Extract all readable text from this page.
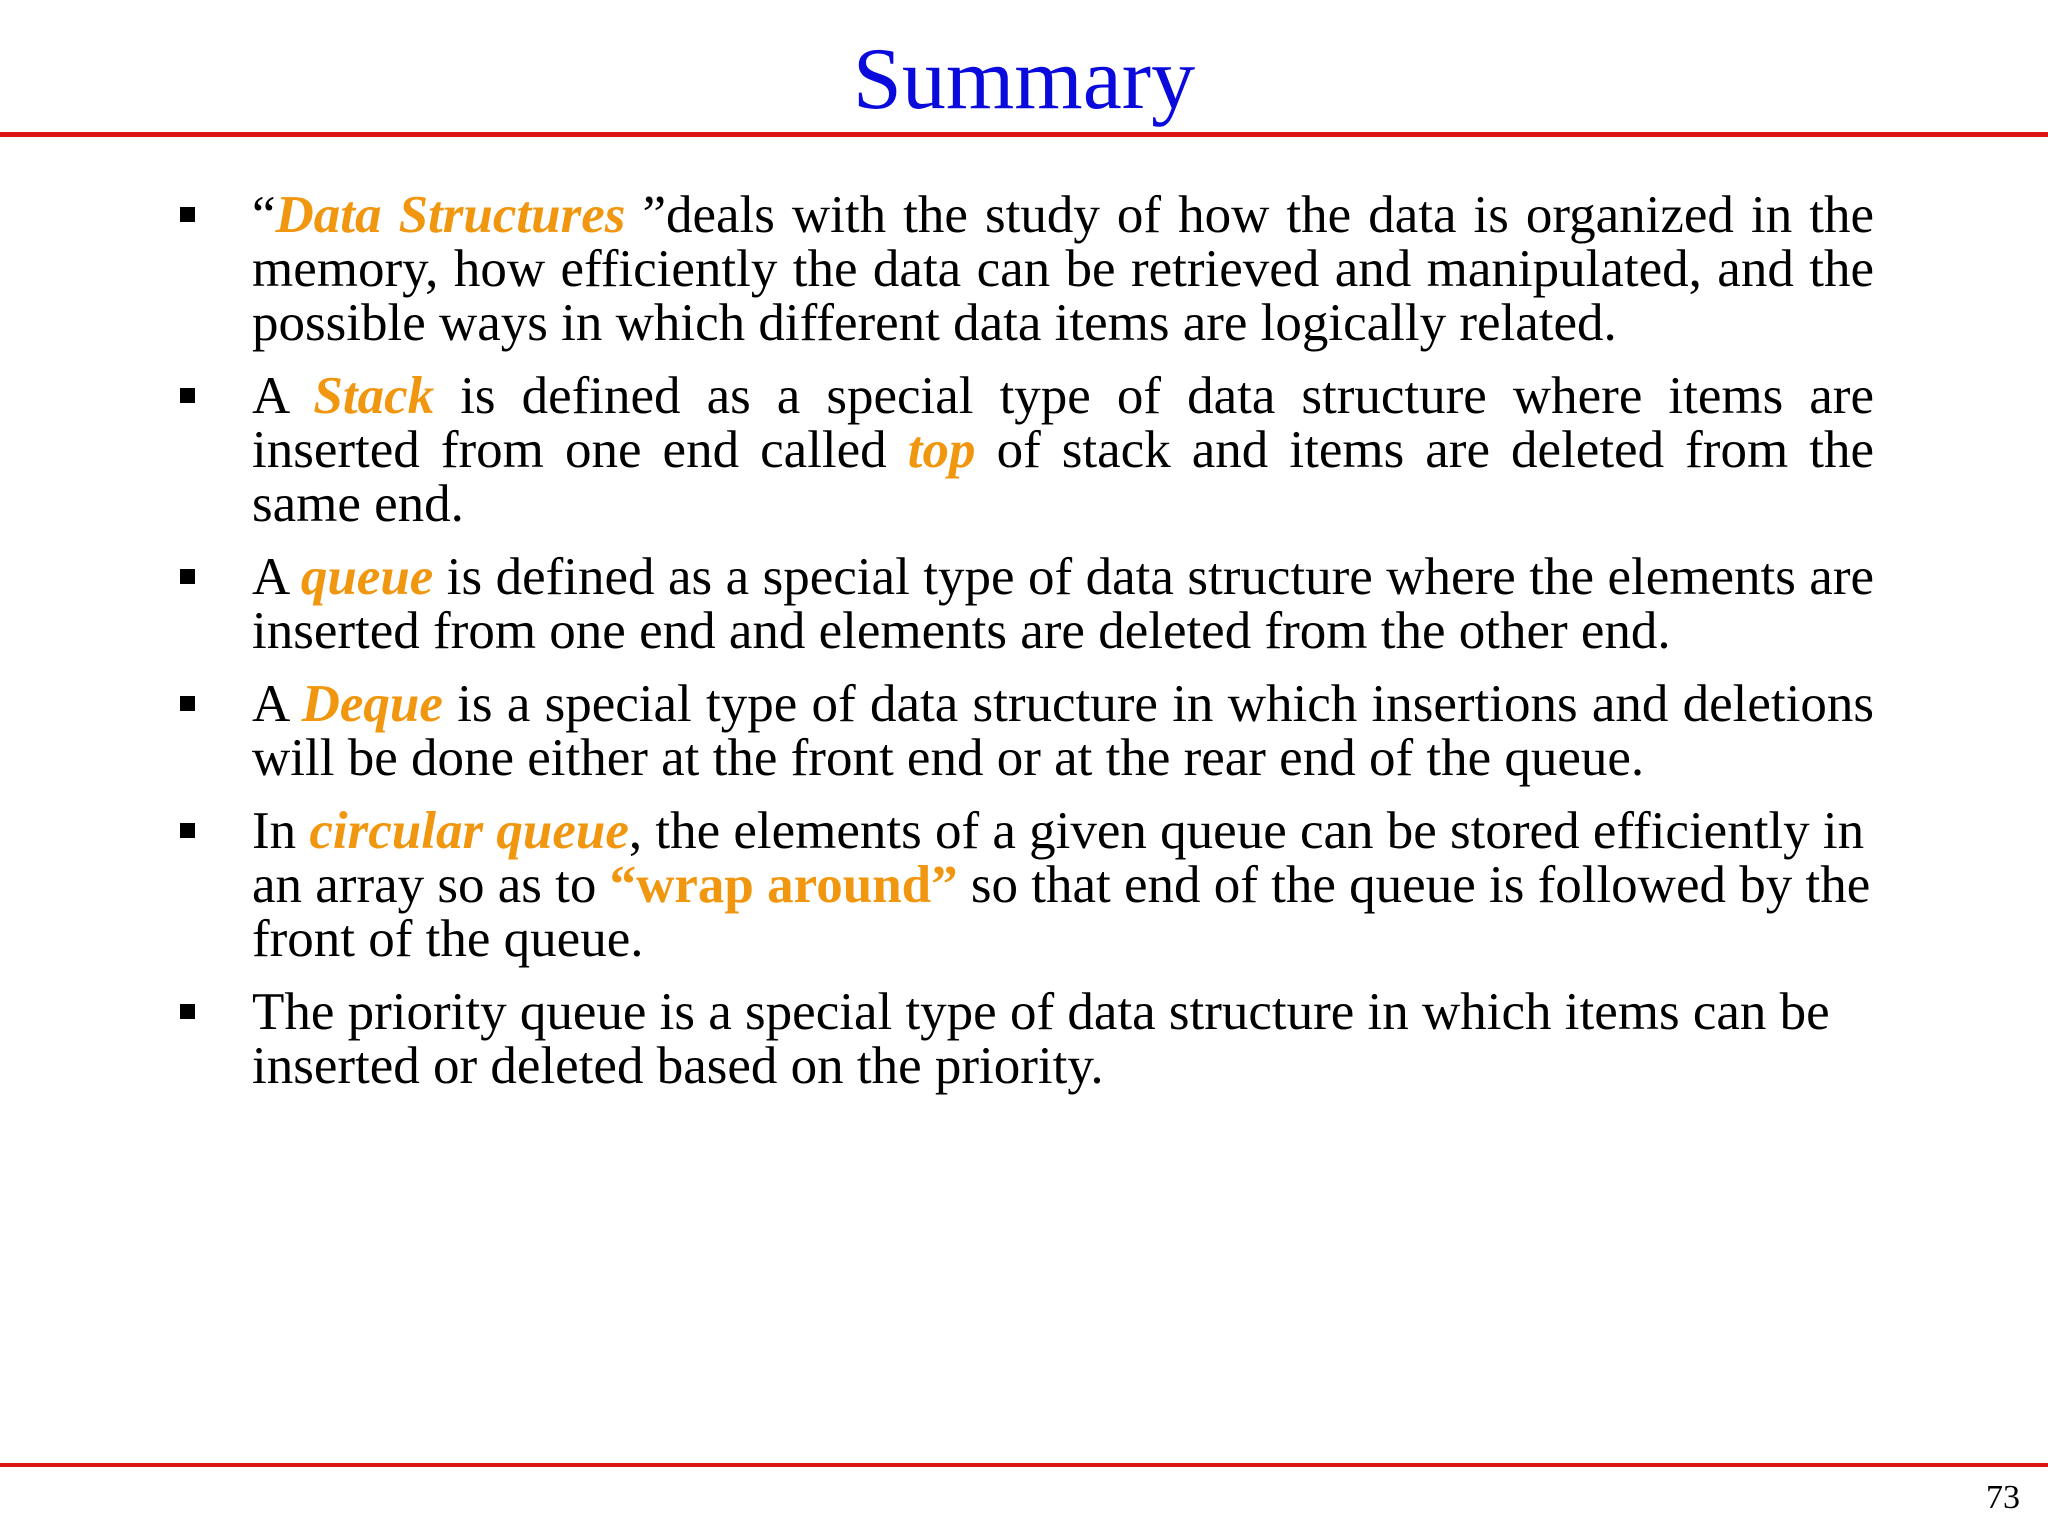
Summary
“Data Structures ”deals with the study of how the data is organized in the memory, how efficiently the data can be retrieved and manipulated, and the possible ways in which different data items are logically related.
A Stack is defined as a special type of data structure where items are inserted from one end called top of stack and items are deleted from the same end.
A queue is defined as a special type of data structure where the elements are inserted from one end and elements are deleted from the other end.
A Deque is a special type of data structure in which insertions and deletions will be done either at the front end or at the rear end of the queue.
In circular queue, the elements of a given queue can be stored efficiently in an array so as to “wrap around” so that end of the queue is followed by the front of the queue.
The priority queue is a special type of data structure in which items can be inserted or deleted based on the priority.
73
